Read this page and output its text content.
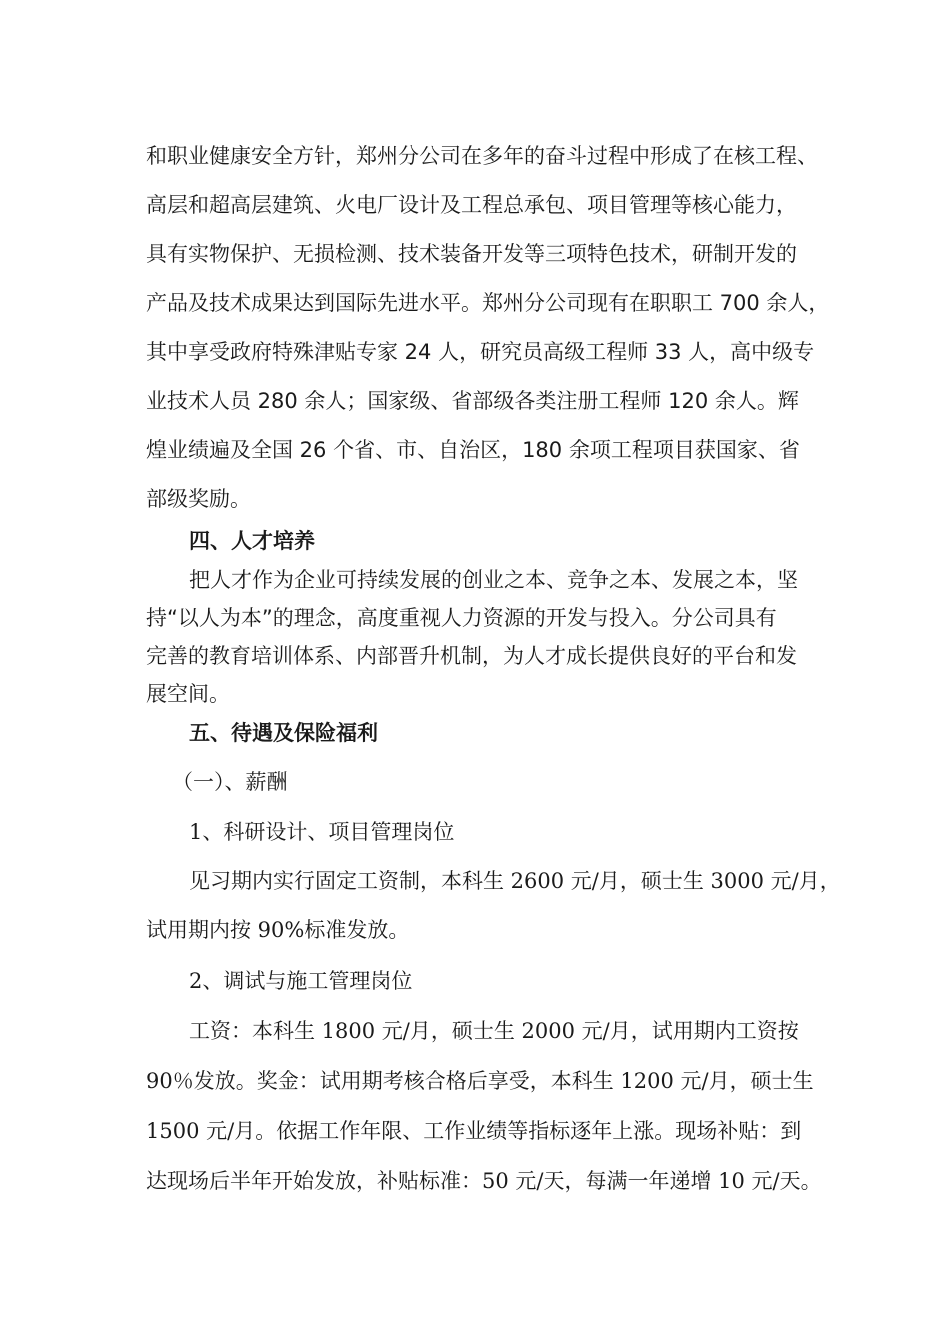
和职业健康安全方针，郑州分公司在多年的奋斗过程中形成了在核工程、
高层和超高层建筑、火电厂设计及工程总承包、项目管理等核心能力，
具有实物保护、无损检测、技术装备开发等三项特色技术，研制开发的
产品及技术成果达到国际先进水平。郑州分公司现有在职职工 700 余人，
其中享受政府特殊津贴专家 24 人，研究员高级工程师 33 人，高中级专
业技术人员 280 余人；国家级、省部级各类注册工程师 120 余人。辉
煌业绩遍及全国 26 个省、市、自治区，180 余项工程项目获国家、省
部级奖励。
四、人才培养
把人才作为企业可持续发展的创业之本、竞争之本、发展之本，坚
持“以人为本”的理念，高度重视人力资源的开发与投入。分公司具有
完善的教育培训体系、内部晋升机制，为人才成长提供良好的平台和发
展空间。
五、待遇及保险福利
（一）、薪酬
1、科研设计、项目管理岗位
见习期内实行固定工资制，本科生 2600 元/月，硕士生 3000 元/月，
试用期内按 90%标准发放。
2、调试与施工管理岗位
工资：本科生 1800 元/月，硕士生 2000 元/月，试用期内工资按
90％发放。奖金：试用期考核合格后享受，本科生 1200 元/月，硕士生
1500 元/月。依据工作年限、工作业绩等指标逐年上涨。现场补贴：到
达现场后半年开始发放，补贴标准：50 元/天，每满一年递增 10 元/天。
